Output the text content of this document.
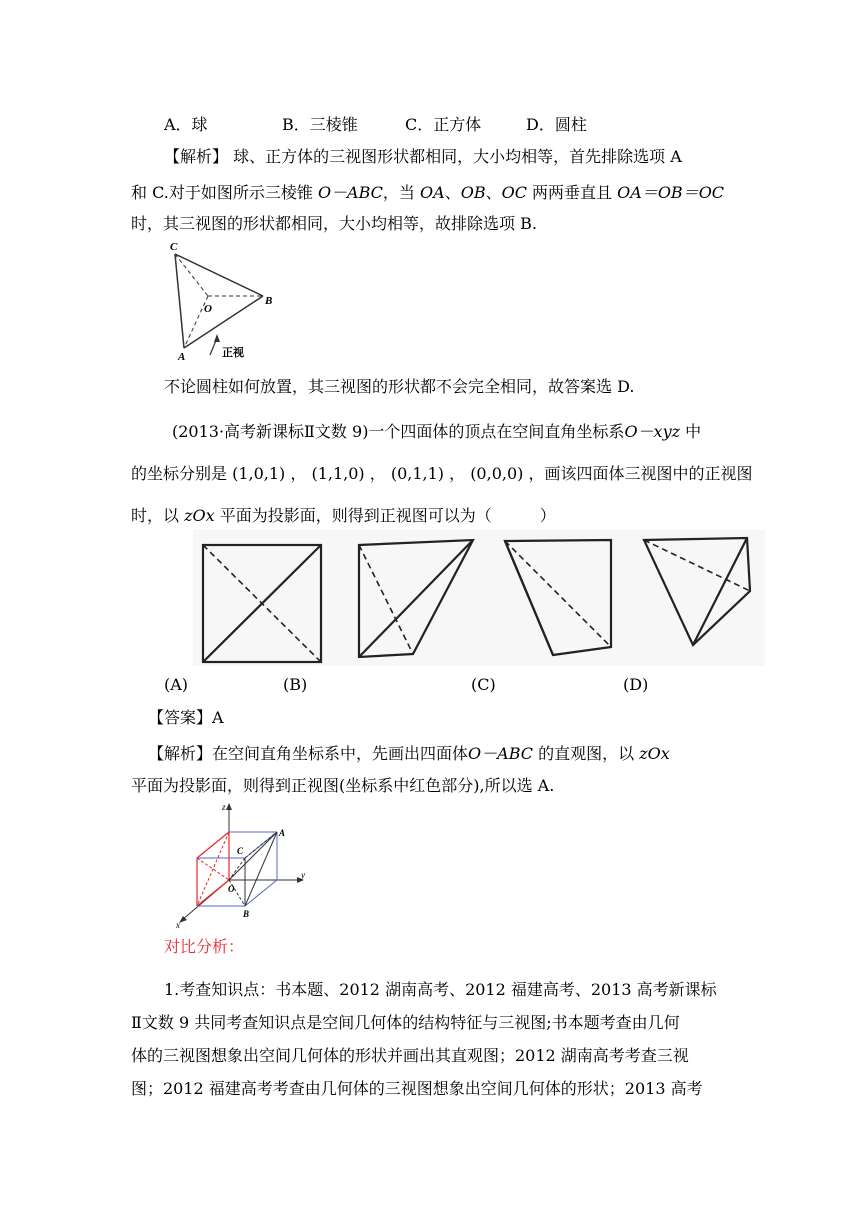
A．球	B．三棱锥	C．正方体	D．圆柱
【解析】 球、正方体的三视图形状都相同，大小均相等，首先排除选项 A
和 C.对于如图所示三棱锥 O－ABC，当 OA、OB、OC 两两垂直且 OA＝OB＝OC
时，其三视图的形状都相同，大小均相等，故排除选项 B.
C
O
B
A	正视
不论圆柱如何放置，其三视图的形状都不会完全相同，故答案选 D.
(2013·高考新课标Ⅱ文数 9)一个四面体的顶点在空间直角坐标系O－xyz 中
的坐标分别是 (1,0,1) ， (1,1,0) ， (0,1,1) ， (0,0,0) ，画该四面体三视图中的正视图
时，以 zOx 平面为投影面，则得到正视图可以为（　　　）
(A)	(B)	(C)	(D)
【答案】A
【解析】在空间直角坐标系中，先画出四面体O－ABC 的直观图，以 zOx
平面为投影面，则得到正视图(坐标系中红色部分),所以选 A.
z
A
C
O
y
x
B
对比分析：
1.考查知识点：书本题、2012 湖南高考、2012 福建高考、2013 高考新课标
Ⅱ文数 9 共同考查知识点是空间几何体的结构特征与三视图;书本题考查由几何
体的三视图想象出空间几何体的形状并画出其直观图；2012 湖南高考考查三视
图；2012 福建高考考查由几何体的三视图想象出空间几何体的形状；2013 高考
